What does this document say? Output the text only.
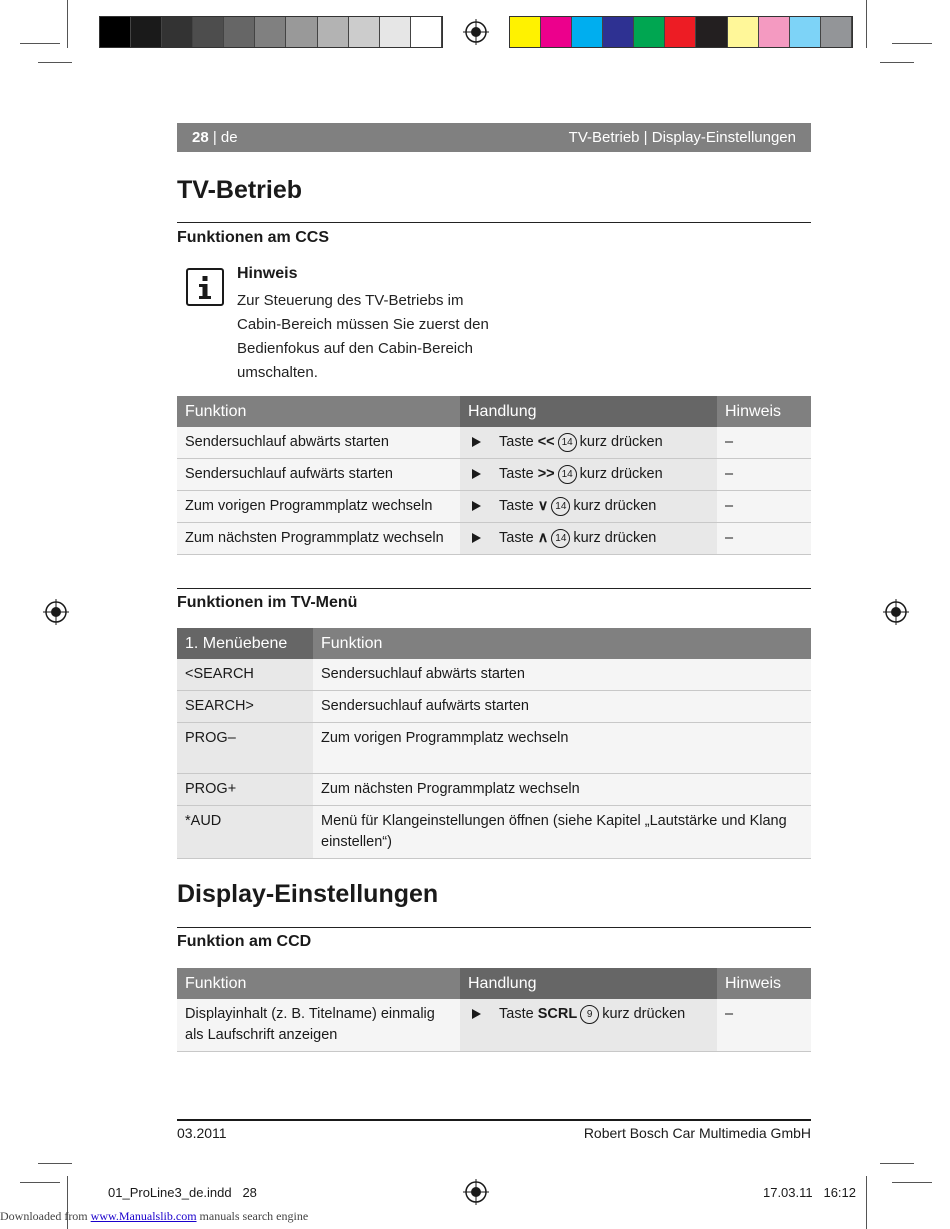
28 | de	TV-Betrieb | Display-Einstellungen
TV-Betrieb
Funktionen am CCS
Hinweis
Zur Steuerung des TV-Betriebs im Cabin-Bereich müssen Sie zuerst den Bedienfokus auf den Cabin-Bereich umschalten.
Funktion	Handlung	Hinweis
Sendersuchlauf abwärts starten	Taste << 14 kurz drücken	–
Sendersuchlauf aufwärts starten	Taste >> 14 kurz drücken	–
Zum vorigen Programmplatz wechseln	Taste ∨ 14 kurz drücken	–
Zum nächsten Programmplatz wechseln	Taste ∧ 14 kurz drücken	–
Funktionen im TV-Menü
1. Menüebene	Funktion
<SEARCH	Sendersuchlauf abwärts starten
SEARCH>	Sendersuchlauf aufwärts starten
PROG–	Zum vorigen Programmplatz wechseln
PROG+	Zum nächsten Programmplatz wechseln
*AUD	Menü für Klangeinstellungen öffnen (siehe Kapitel „Lautstärke und Klang einstellen“)
Display-Einstellungen
Funktion am CCD
Funktion	Handlung	Hinweis
Displayinhalt (z. B. Titelname) einmalig als Laufschrift anzeigen	Taste SCRL 9 kurz drücken	–
03.2011	Robert Bosch Car Multimedia GmbH
01_ProLine3_de.indd   28	17.03.11   16:12
Downloaded from www.Manualslib.com manuals search engine
